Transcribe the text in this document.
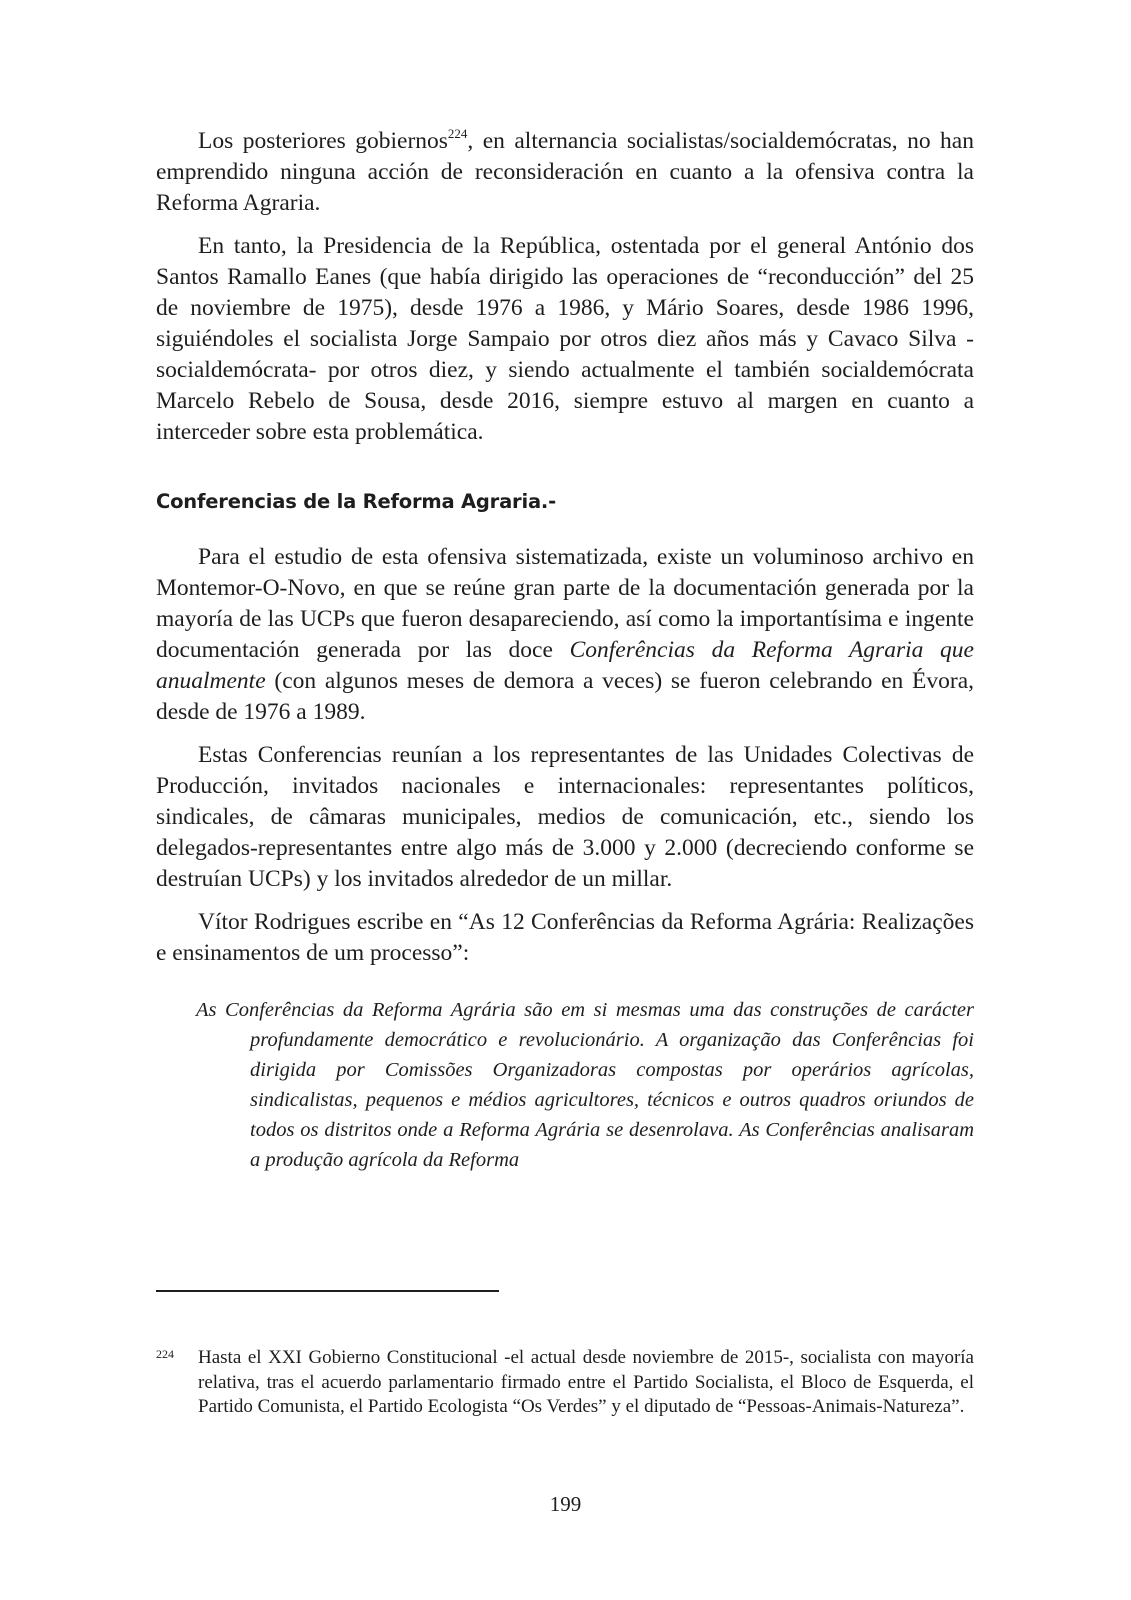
Los posteriores gobiernos$^{224}$, en alternancia socialistas/socialdemócratas, no han emprendido ninguna acción de reconsideración en cuanto a la ofensiva contra la Reforma Agraria.

En tanto, la Presidencia de la República, ostentada por el general António dos Santos Ramallo Eanes (que había dirigido las operaciones de “reconducción” del 25 de noviembre de 1975), desde 1976 a 1986, y Mário Soares, desde 1986 1996, siguiéndoles el socialista Jorge Sampaio por otros diez años más y Cavaco Silva -socialdemócrata- por otros diez, y siendo actualmente el también socialdemócrata Marcelo Rebelo de Sousa, desde 2016, siempre estuvo al margen en cuanto a interceder sobre esta problemática.

Conferencias de la Reforma Agraria.-

Para el estudio de esta ofensiva sistematizada, existe un voluminoso archivo en Montemor-O-Novo, en que se reúne gran parte de la documentación generada por la mayoría de las UCPs que fueron desapareciendo, así como la importantísima e ingente documentación generada por las doce Conferências da Reforma Agraria que anualmente (con algunos meses de demora a veces) se fueron celebrando en Évora, desde de 1976 a 1989.

Estas Conferencias reunían a los representantes de las Unidades Colectivas de Producción, invitados nacionales e internacionales: representantes políticos, sindicales, de câmaras municipales, medios de comunicación, etc., siendo los delegados-representantes entre algo más de 3.000 y 2.000 (decreciendo conforme se destruían UCPs) y los invitados alrededor de un millar.

Vítor Rodrigues escribe en “As 12 Conferências da Reforma Agrária: Realizações e ensinamentos de um processo”:

As Conferências da Reforma Agrária são em si mesmas uma das construções de carácter profundamente democrático e revolucionário. A organização das Conferências foi dirigida por Comissões Organizadoras compostas por operários agrícolas, sindicalistas, pequenos e médios agricultores, técnicos e outros quadros oriundos de todos os distritos onde a Reforma Agrária se desenrolava. As Conferências analisaram a produção agrícola da Reforma

224 Hasta el XXI Gobierno Constitucional -el actual desde noviembre de 2015-, socialista con mayoría relativa, tras el acuerdo parlamentario firmado entre el Partido Socialista, el Bloco de Esquerda, el Partido Comunista, el Partido Ecologista “Os Verdes” y el diputado de “Pessoas-Animais-Natureza”.
199
